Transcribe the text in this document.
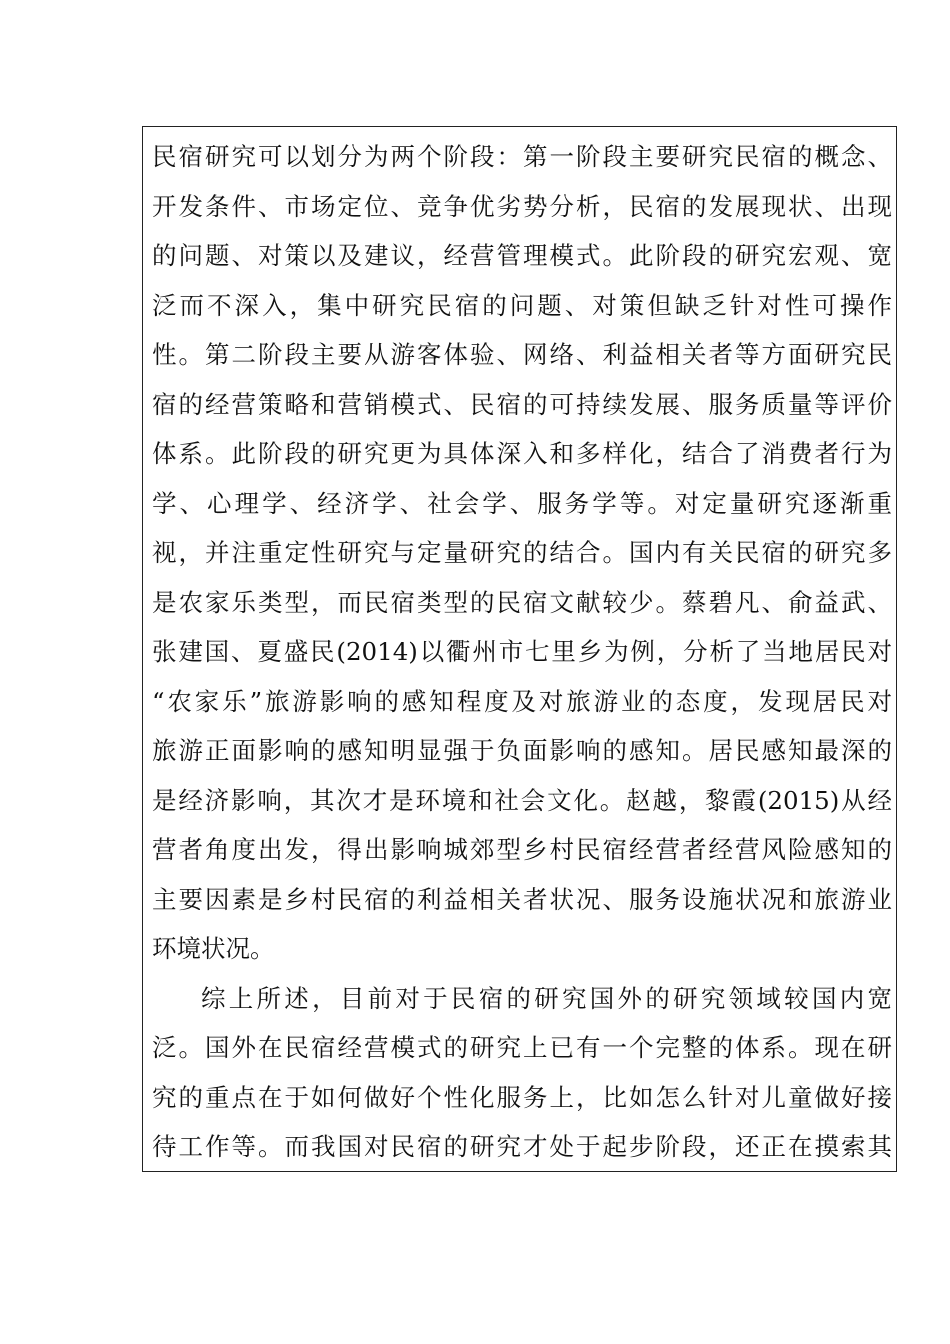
民宿研究可以划分为两个阶段：第一阶段主要研究民宿的概念、
开发条件、市场定位、竞争优劣势分析，民宿的发展现状、出现
的问题、对策以及建议，经营管理模式。此阶段的研究宏观、宽
泛而不深入，集中研究民宿的问题、对策但缺乏针对性可操作
性。第二阶段主要从游客体验、网络、利益相关者等方面研究民
宿的经营策略和营销模式、民宿的可持续发展、服务质量等评价
体系。此阶段的研究更为具体深入和多样化，结合了消费者行为
学、心理学、经济学、社会学、服务学等。对定量研究逐渐重
视，并注重定性研究与定量研究的结合。国内有关民宿的研究多
是农家乐类型，而民宿类型的民宿文献较少。蔡碧凡、俞益武、
张建国、夏盛民(2014)以衢州市七里乡为例，分析了当地居民对
“农家乐”旅游影响的感知程度及对旅游业的态度，发现居民对
旅游正面影响的感知明显强于负面影响的感知。居民感知最深的
是经济影响，其次才是环境和社会文化。赵越，黎霞(2015)从经
营者角度出发，得出影响城郊型乡村民宿经营者经营风险感知的
主要因素是乡村民宿的利益相关者状况、服务设施状况和旅游业
环境状况。
综上所述，目前对于民宿的研究国外的研究领域较国内宽
泛。国外在民宿经营模式的研究上已有一个完整的体系。现在研
究的重点在于如何做好个性化服务上，比如怎么针对儿童做好接
待工作等。而我国对民宿的研究才处于起步阶段，还正在摸索其
